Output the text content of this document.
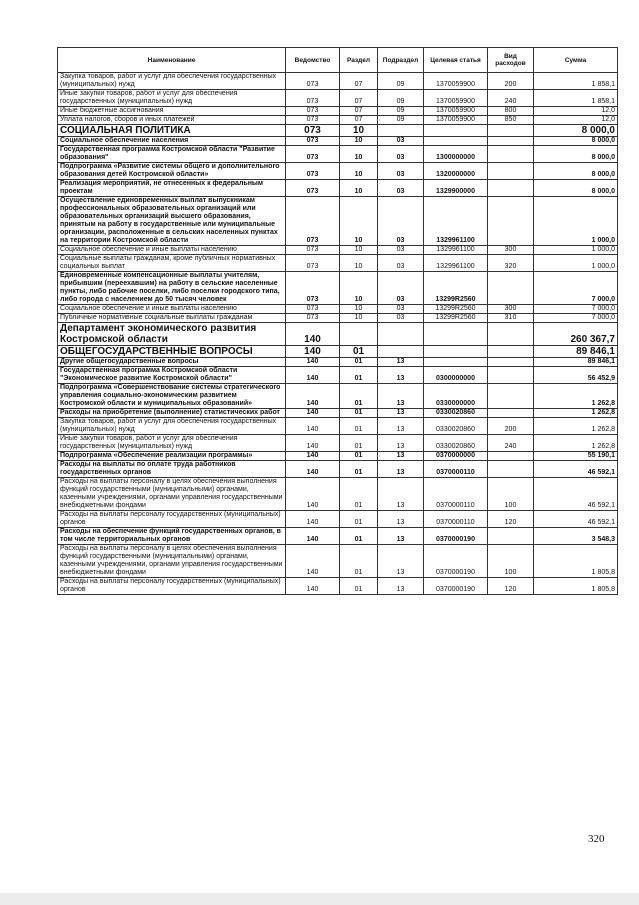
Наименование	Ведомство	Раздел	Подраздел	Целевая статья	Вид расходов	Сумма
Закупка товаров, работ и услуг для обеспечения государственных (муниципальных) нужд	073	07	09	1370059900	200	1 858,1
Иные закупки товаров, работ и услуг для обеспечения государственных (муниципальных) нужд	073	07	09	1370059900	240	1 858,1
Иные бюджетные ассигнования	073	07	09	1370059900	800	12,0
Уплата налогов, сборов и иных платежей	073	07	09	1370059900	850	12,0
СОЦИАЛЬНАЯ ПОЛИТИКА	073	10				8 000,0
Социальное обеспечение населения	073	10	03			8 000,0
Государственная программа Костромской области "Развитие образования"	073	10	03	1300000000		8 000,0
Подпрограмма «Развитие системы общего и дополнительного образования детей Костромской области»	073	10	03	1320000000		8 000,0
Реализация мероприятий, не отнесенных к федеральным проектам	073	10	03	1329900000		8 000,0
Осуществление единовременных выплат выпускникам профессиональных образовательных организаций или образовательных организаций высшего образования, принятым на работу в государственные или муниципальные организации, расположенные в сельских населенных пунктах на территории Костромской области	073	10	03	1329961100		1 000,0
Социальное обеспечение и иные выплаты населению	073	10	03	1329961100	300	1 000,0
Социальные выплаты гражданам, кроме публичных нормативных социальных выплат	073	10	03	1329961100	320	1 000,0
Единовременные компенсационные выплаты учителям, прибывшим (переехавшим) на работу в сельские населенные пункты, либо рабочие поселки, либо поселки городского типа, либо города с населением до 50 тысяч человек	073	10	03	13299R2560		7 000,0
Социальное обеспечение и иные выплаты населению	073	10	03	13299R2560	300	7 000,0
Публичные нормативные социальные выплаты гражданам	073	10	03	13299R2560	310	7 000,0
Департамент экономического развития Костромской области	140					260 367,7
ОБЩЕГОСУДАРСТВЕННЫЕ ВОПРОСЫ	140	01				89 846,1
Другие общегосударственные вопросы	140	01	13			89 846,1
Государственная программа Костромской области "Экономическое развитие Костромской области"	140	01	13	0300000000		56 452,9
Подпрограмма «Совершенствование системы стратегического управления социально-экономическим развитием Костромской области и муниципальных образований»	140	01	13	0330000000		1 262,8
Расходы на приобретение (выполнение) статистических работ	140	01	13	0330020860		1 262,8
Закупка товаров, работ и услуг для обеспечения государственных (муниципальных) нужд	140	01	13	0330020860	200	1 262,8
Иные закупки товаров, работ и услуг для обеспечения государственных (муниципальных) нужд	140	01	13	0330020860	240	1 262,8
Подпрограмма «Обеспечение реализации программы»	140	01	13	0370000000		55 190,1
Расходы на выплаты по оплате труда работников государственных органов	140	01	13	0370000110		46 592,1
Расходы на выплаты персоналу в целях обеспечения выполнения функций государственными (муниципальными) органами, казенными учреждениями, органами управления государственными внебюджетными фондами	140	01	13	0370000110	100	46 592,1
Расходы на выплаты персоналу государственных (муниципальных) органов	140	01	13	0370000110	120	46 592,1
Расходы на обеспечение функций государственных органов, в том числе территориальных органов	140	01	13	0370000190		3 548,3
Расходы на выплаты персоналу в целях обеспечения выполнения функций государственными (муниципальными) органами, казенными учреждениями, органами управления государственными внебюджетными фондами	140	01	13	0370000190	100	1 805,8
Расходы на выплаты персоналу государственных (муниципальных) органов	140	01	13	0370000190	120	1 805,8
320
